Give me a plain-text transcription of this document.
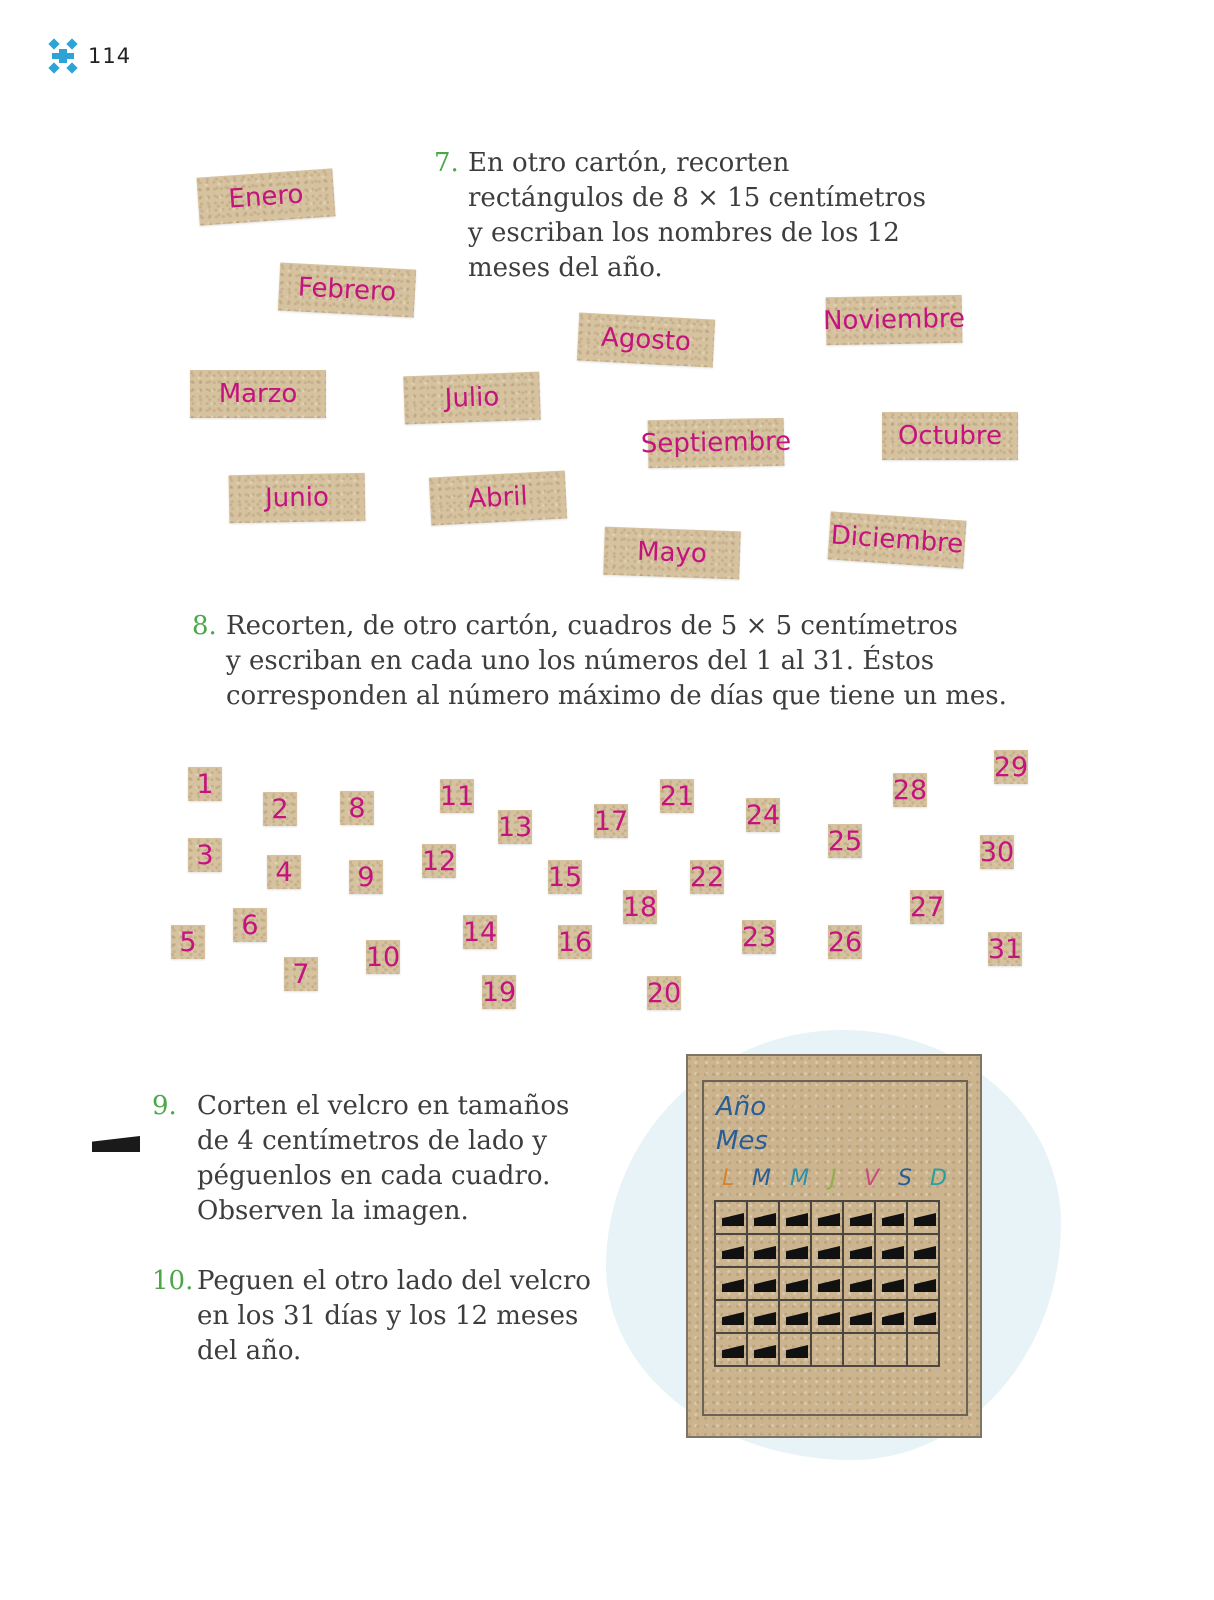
114
7. En otro cartón, recorten
rectángulos de 8 × 15 centímetros
y escriban los nombres de los 12
meses del año.
Enero
Febrero
Agosto
Noviembre
Marzo	Julio
Septiembre	Octubre
Junio	Abril
Mayo	Diciembre
8. Recorten, de otro cartón, cuadros de 5 × 5 centímetros
y escriban en cada uno los números del 1 al 31. Éstos
corresponden al número máximo de días que tiene un mes.
1
2	8	11
13 17
21
24
28
29
3
4	9
12
15	22
25	30
18	27
5
6	14 16	23 26	31
7
10
19	20
9. Corten el velcro en tamaños
de 4 centímetros de lado y
péguenlos en cada cuadro.
Observen la imagen.
10. Peguen el otro lado del velcro
en los 31 días y los 12 meses
del año.
Año
Mes
L M M J V S D
